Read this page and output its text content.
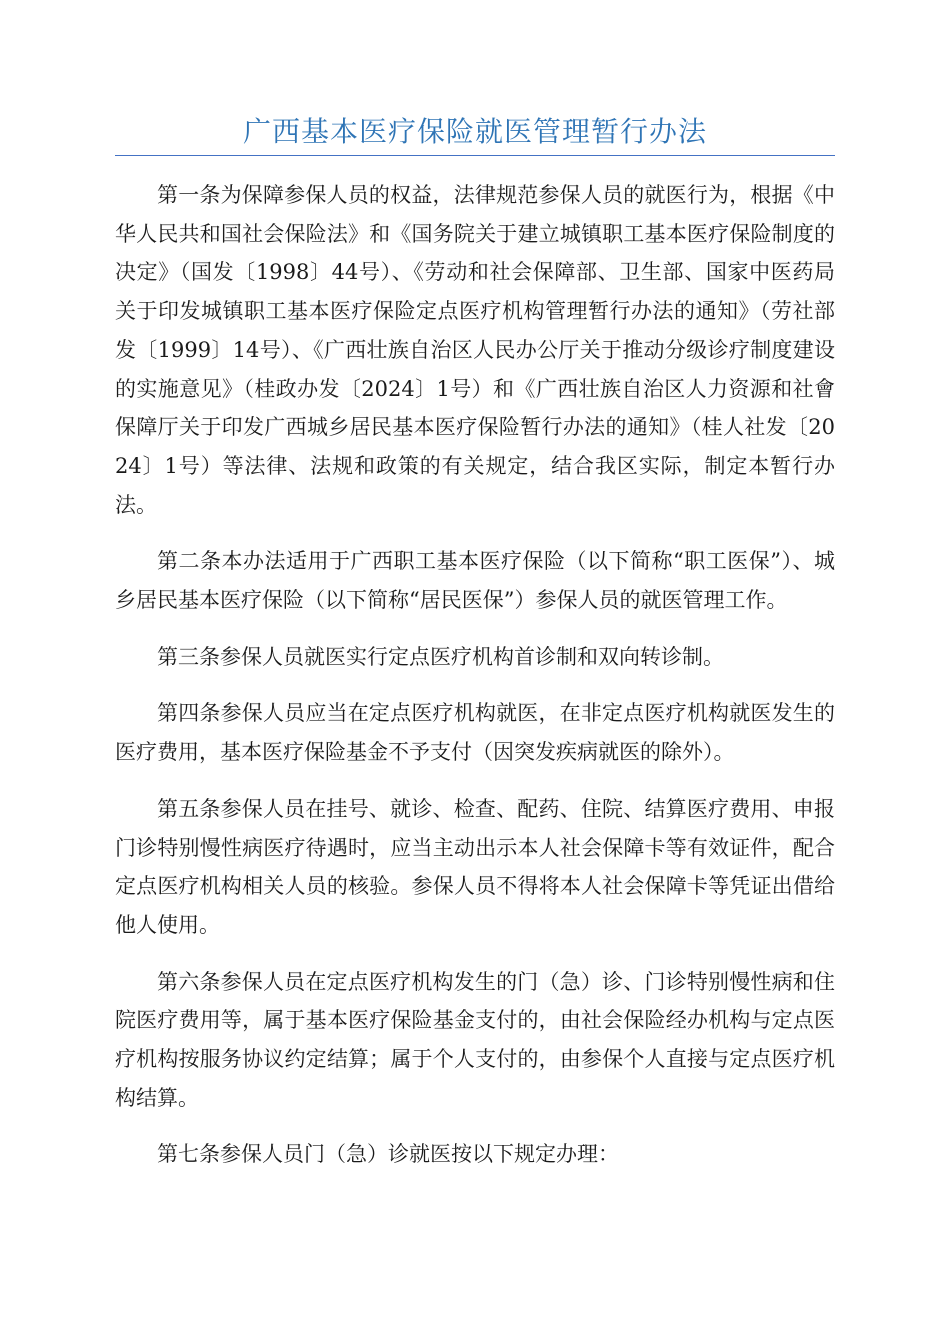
广西基本医疗保险就医管理暂行办法

第一条为保障参保人员的权益，法律规范参保人员的就医行为，根据《中华人民共和国社会保险法》和《国务院关于建立城镇职工基本医疗保险制度的决定》（国发〔1998〕44号）、《劳动和社会保障部、卫生部、国家中医药局关于印发城镇职工基本医疗保险定点医疗机构管理暂行办法的通知》（劳社部发〔1999〕14号）、《广西壮族自治区人民办公厅关于推动分级诊疗制度建设的实施意见》（桂政办发〔2024〕1号）和《广西壮族自治区人力资源和社會保障厅关于印发广西城乡居民基本医疗保险暂行办法的通知》（桂人社发〔2024〕1号）等法律、法规和政策的有关规定，结合我区实际，制定本暂行办法。

第二条本办法适用于广西职工基本医疗保险（以下简称“职工医保”）、城乡居民基本医疗保险（以下简称“居民医保”）参保人员的就医管理工作。

第三条参保人员就医实行定点医疗机构首诊制和双向转诊制。

第四条参保人员应当在定点医疗机构就医，在非定点医疗机构就医发生的医疗费用，基本医疗保险基金不予支付（因突发疾病就医的除外）。

第五条参保人员在挂号、就诊、检查、配药、住院、结算医疗费用、申报门诊特别慢性病医疗待遇时，应当主动出示本人社会保障卡等有效证件，配合定点医疗机构相关人员的核验。参保人员不得将本人社会保障卡等凭证出借给他人使用。

第六条参保人员在定点医疗机构发生的门（急）诊、门诊特别慢性病和住院医疗费用等，属于基本医疗保险基金支付的，由社会保险经办机构与定点医疗机构按服务协议约定结算；属于个人支付的，由参保个人直接与定点医疗机构结算。

第七条参保人员门（急）诊就医按以下规定办理：
